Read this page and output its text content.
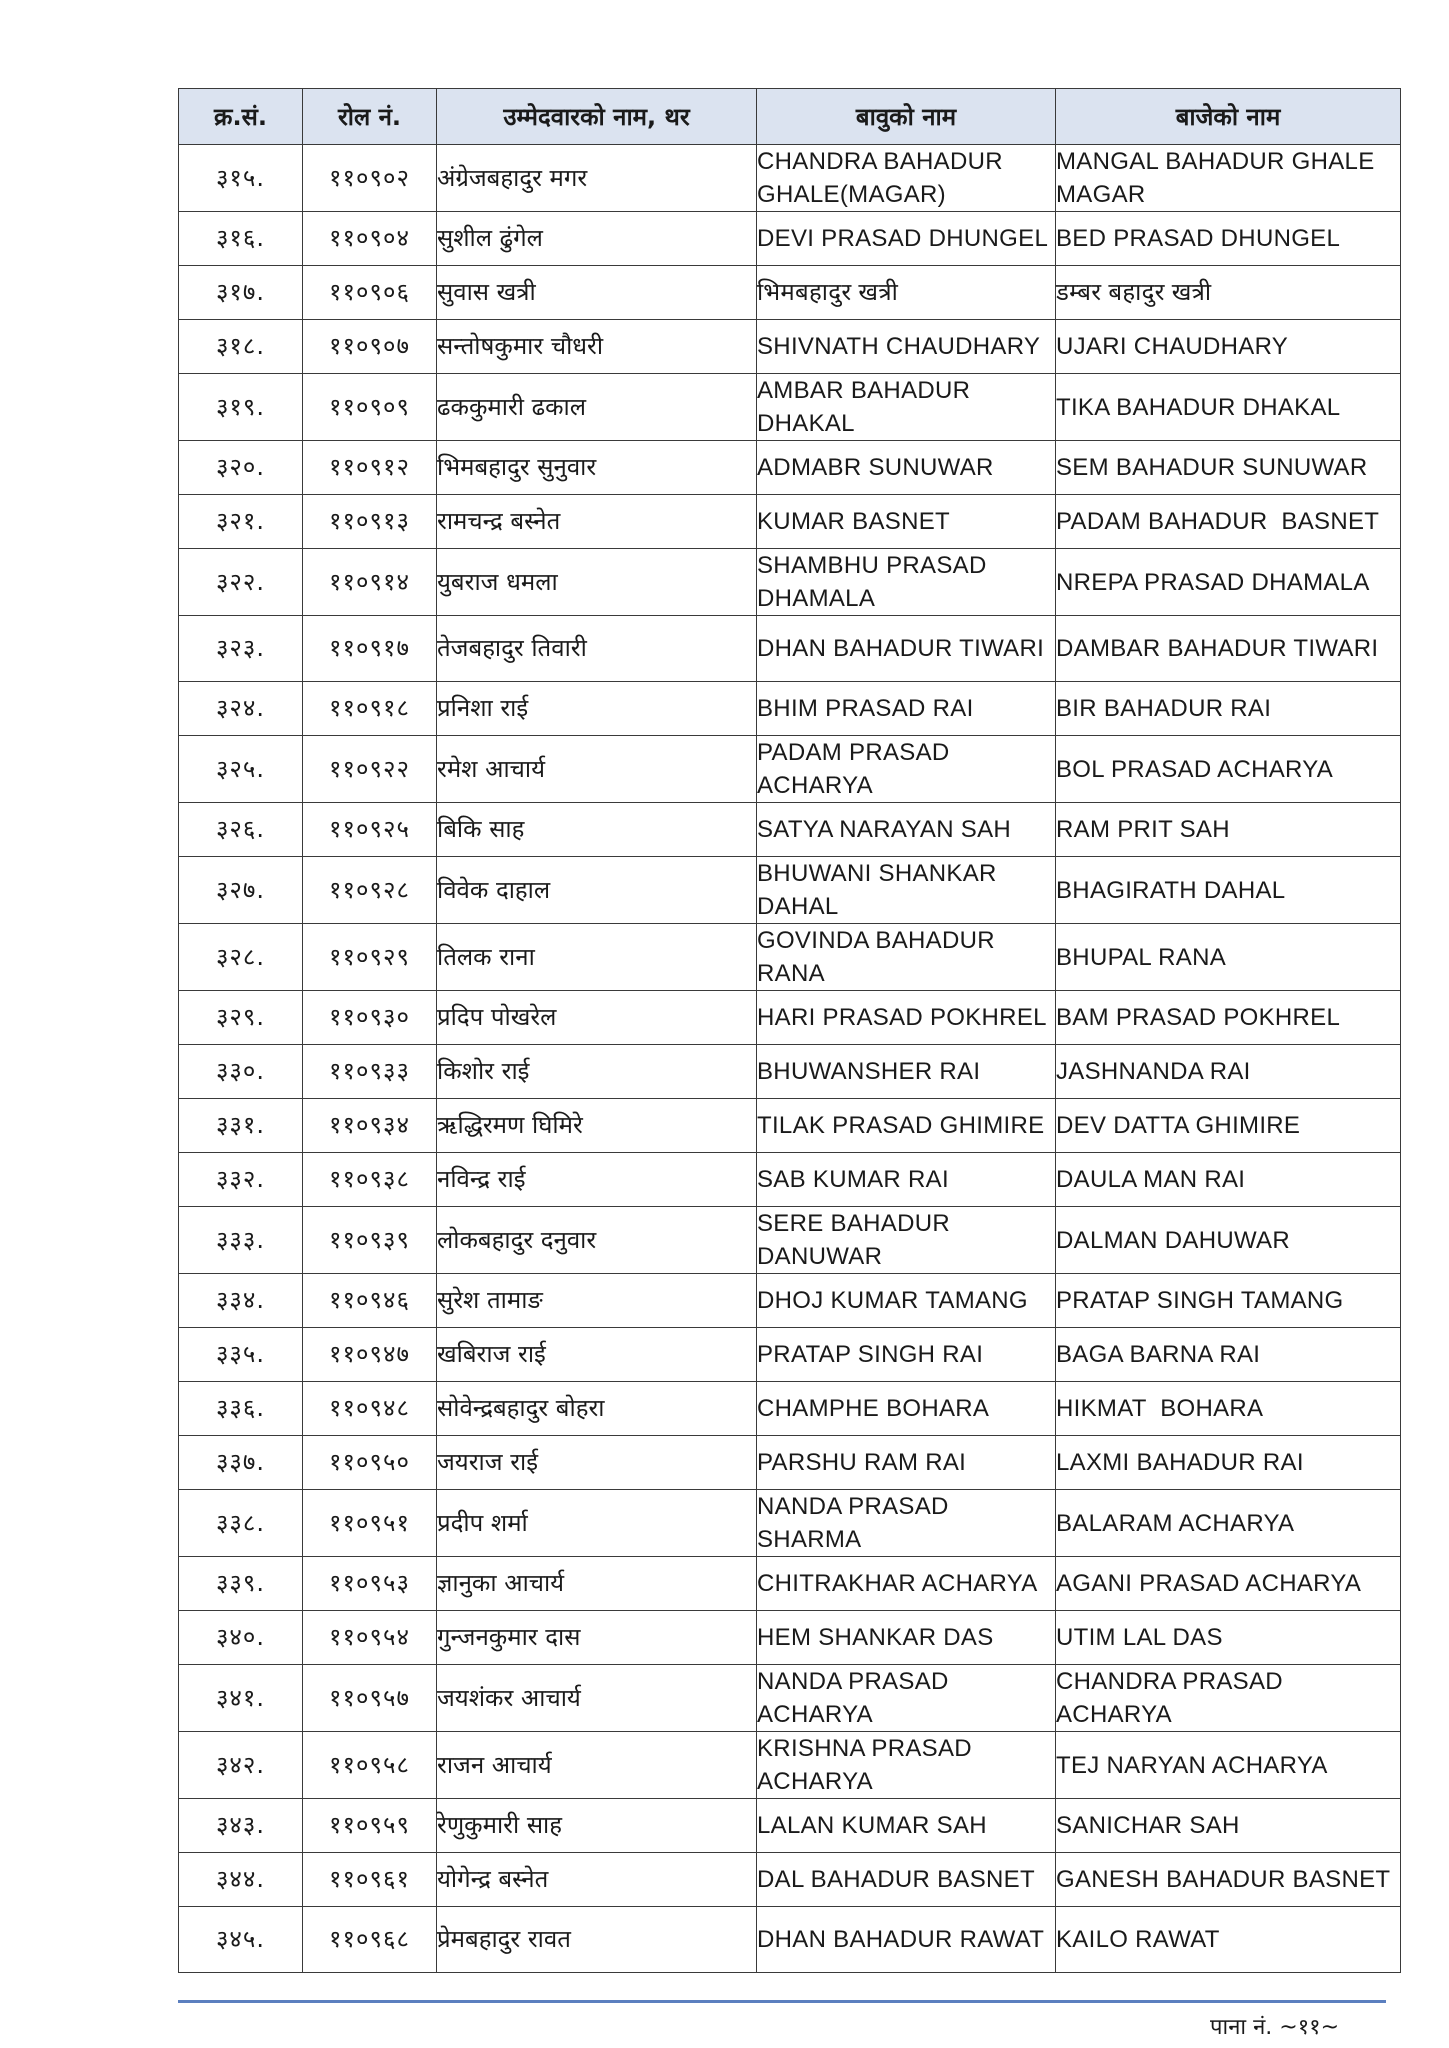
क्र.सं.	रोल नं.	उम्मेदवारको नाम, थर	बावुको नाम	बाजेको नाम
३१५.	११०९०२	अंग्रेजबहादुर मगर	CHANDRA BAHADUR GHALE(MAGAR)	MANGAL BAHADUR GHALE MAGAR
३१६.	११०९०४	सुशील ढुंगेल	DEVI PRASAD DHUNGEL	BED PRASAD DHUNGEL
३१७.	११०९०६	सुवास खत्री	भिमबहादुर खत्री	डम्बर बहादुर खत्री
३१८.	११०९०७	सन्तोषकुमार चौधरी	SHIVNATH CHAUDHARY	UJARI CHAUDHARY
३१९.	११०९०९	ढककुमारी ढकाल	AMBAR BAHADUR DHAKAL	TIKA BAHADUR DHAKAL
३२०.	११०९१२	भिमबहादुर सुनुवार	ADMABR SUNUWAR	SEM BAHADUR SUNUWAR
३२१.	११०९१३	रामचन्द्र बस्नेत	KUMAR BASNET	PADAM BAHADUR  BASNET
३२२.	११०९१४	युबराज धमला	SHAMBHU PRASAD DHAMALA	NREPA PRASAD DHAMALA
३२३.	११०९१७	तेजबहादुर तिवारी	DHAN BAHADUR TIWARI	DAMBAR BAHADUR TIWARI
३२४.	११०९१८	प्रनिशा राई	BHIM PRASAD RAI	BIR BAHADUR RAI
३२५.	११०९२२	रमेश आचार्य	PADAM PRASAD ACHARYA	BOL PRASAD ACHARYA
३२६.	११०९२५	बिकि साह	SATYA NARAYAN SAH	RAM PRIT SAH
३२७.	११०९२८	विवेक दाहाल	BHUWANI SHANKAR DAHAL	BHAGIRATH DAHAL
३२८.	११०९२९	तिलक राना	GOVINDA BAHADUR RANA	BHUPAL RANA
३२९.	११०९३०	प्रदिप पोखरेल	HARI PRASAD POKHREL	BAM PRASAD POKHREL
३३०.	११०९३३	किशोर राई	BHUWANSHER RAI	JASHNANDA RAI
३३१.	११०९३४	ऋद्धिरमण घिमिरे	TILAK PRASAD GHIMIRE	DEV DATTA GHIMIRE
३३२.	११०९३८	नविन्द्र राई	SAB KUMAR RAI	DAULA MAN RAI
३३३.	११०९३९	लोकबहादुर दनुवार	SERE BAHADUR DANUWAR	DALMAN DAHUWAR
३३४.	११०९४६	सुरेश तामाङ	DHOJ KUMAR TAMANG	PRATAP SINGH TAMANG
३३५.	११०९४७	खबिराज राई	PRATAP SINGH RAI	BAGA BARNA RAI
३३६.	११०९४८	सोवेन्द्रबहादुर बोहरा	CHAMPHE BOHARA	HIKMAT  BOHARA
३३७.	११०९५०	जयराज राई	PARSHU RAM RAI	LAXMI BAHADUR RAI
३३८.	११०९५१	प्रदीप शर्मा	NANDA PRASAD SHARMA	BALARAM ACHARYA
३३९.	११०९५३	ज्ञानुका आचार्य	CHITRAKHAR ACHARYA	AGANI PRASAD ACHARYA
३४०.	११०९५४	गुन्जनकुमार दास	HEM SHANKAR DAS	UTIM LAL DAS
३४१.	११०९५७	जयशंकर आचार्य	NANDA PRASAD ACHARYA	CHANDRA PRASAD ACHARYA
३४२.	११०९५८	राजन आचार्य	KRISHNA PRASAD ACHARYA	TEJ NARYAN ACHARYA
३४३.	११०९५९	रेणुकुमारी साह	LALAN KUMAR SAH	SANICHAR SAH
३४४.	११०९६१	योगेन्द्र बस्नेत	DAL BAHADUR BASNET	GANESH BAHADUR BASNET
३४५.	११०९६८	प्रेमबहादुर रावत	DHAN BAHADUR RAWAT	KAILO RAWAT
पाना नं. ~११~
